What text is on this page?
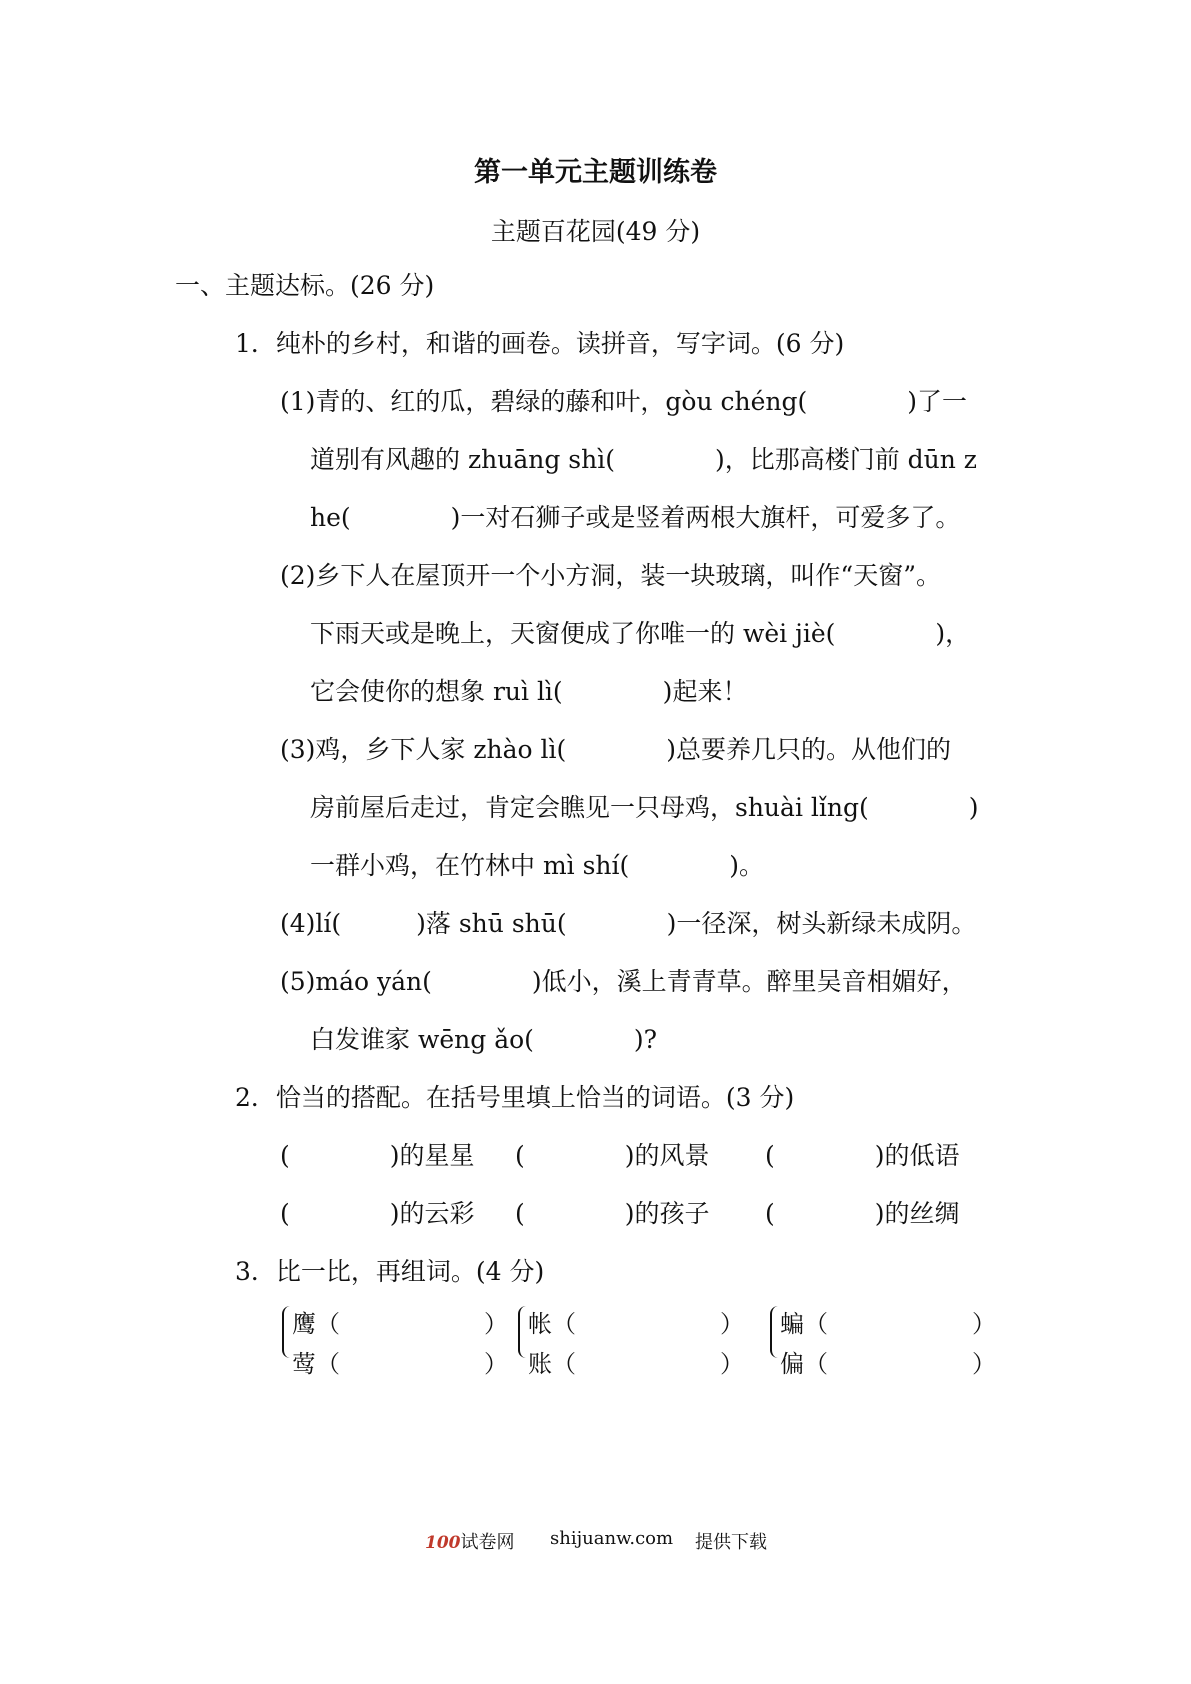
第一单元主题训练卷
主题百花园(49 分)
一、主题达标。(26 分)
1．纯朴的乡村，和谐的画卷。读拼音，写字词。(6 分)
(1)青的、红的瓜，碧绿的藤和叶，gòu chéng(　　　　)了一
道别有风趣的 zhuāng shì(　　　　)，比那高楼门前 dūn z
he(　　　　)一对石狮子或是竖着两根大旗杆，可爱多了。
(2)乡下人在屋顶开一个小方洞，装一块玻璃，叫作“天窗”。
下雨天或是晚上，天窗便成了你唯一的 wèi jiè(　　　　)，
它会使你的想象 ruì lì(　　　　)起来！
(3)鸡，乡下人家 zhào lì(　　　　)总要养几只的。从他们的
房前屋后走过，肯定会瞧见一只母鸡，shuài lǐng(　　　　)
一群小鸡，在竹林中 mì shí(　　　　)。
(4)lí(　　　)落 shū shū(　　　　)一径深，树头新绿未成阴。
(5)máo yán(　　　　)低小，溪上青青草。醉里吴音相媚好，
白发谁家 wēng ǎo(　　　　)?
2．恰当的搭配。在括号里填上恰当的词语。(3 分)
(　　　　)的星星 (　　　　)的风景 (　　　　)的低语
(　　　　)的云彩 (　　　　)的孩子 (　　　　)的丝绸
3．比一比，再组词。(4 分)
鹰（　　　　　　）
莺（　　　　　　）
帐（　　　　　　）
账（　　　　　　）
蝙（　　　　　　）
偏（　　　　　　）
100试卷网 shijuanw.com 提供下载
